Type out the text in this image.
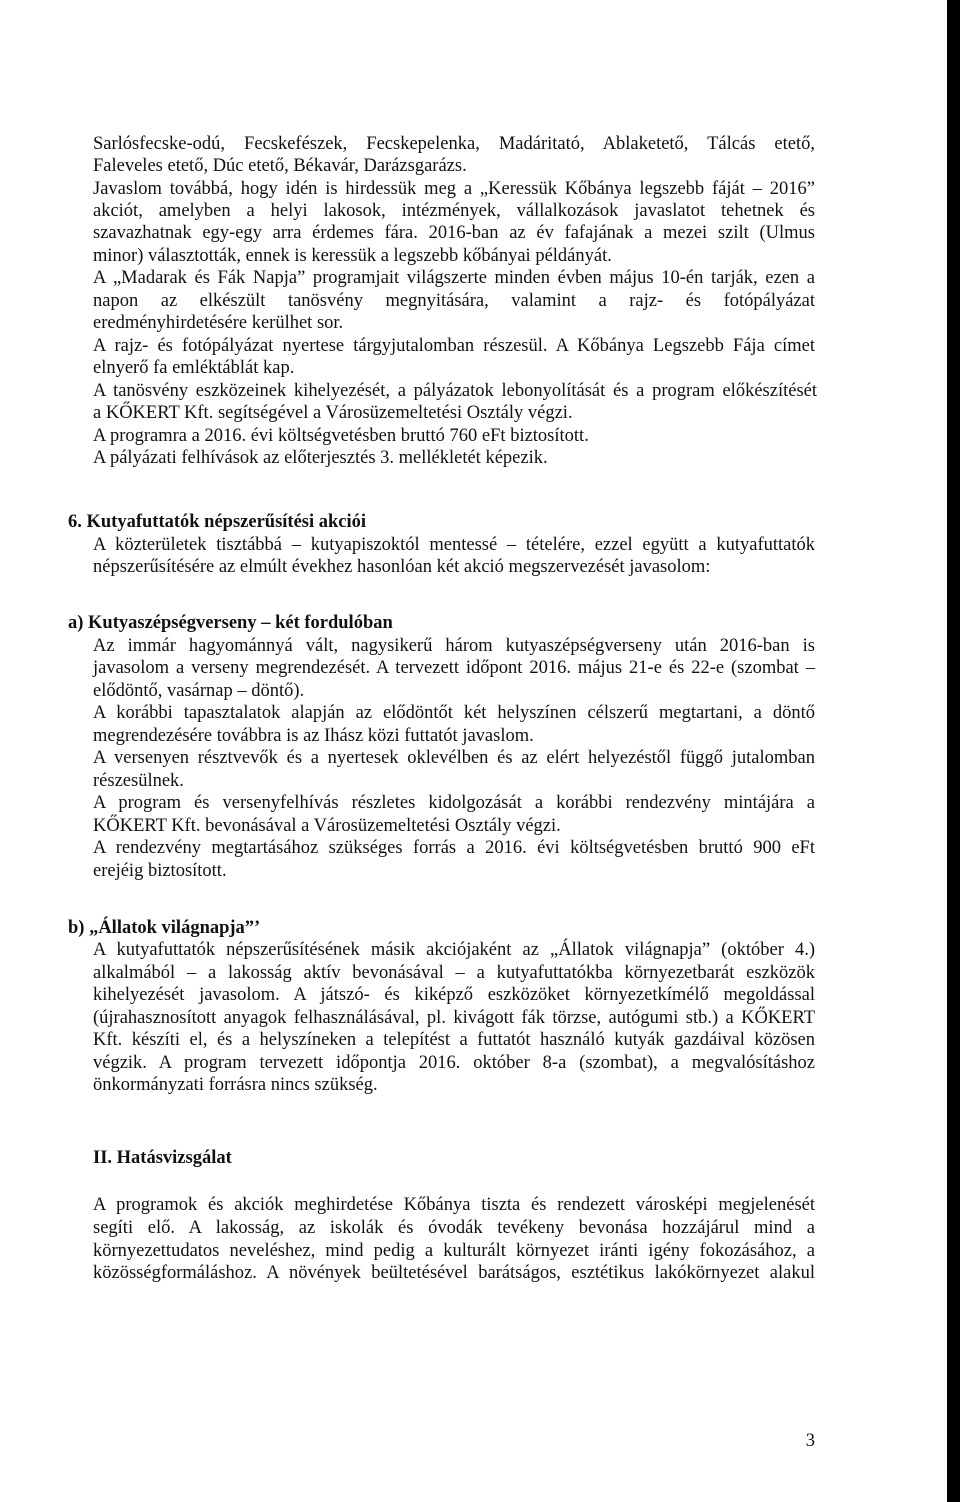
Sarlósfecske-odú, Fecskefészek, Fecskepelenka, Madáritató, Ablaketető, Tálcás etető,

Faleveles etető, Dúc etető, Békavár, Darázsgarázs.

Javaslom továbbá, hogy idén is hirdessük meg a „Keressük Kőbánya legszebb fáját – 2016”

akciót, amelyben a helyi lakosok, intézmények, vállalkozások javaslatot tehetnek és

szavazhatnak egy-egy arra érdemes fára. 2016-ban az év fafajának a mezei szilt (Ulmus

minor) választották, ennek is keressük a legszebb kőbányai példányát.

A „Madarak és Fák Napja” programjait világszerte minden évben május 10-én tarják, ezen a

napon az elkészült tanösvény megnyitására, valamint a rajz- és fotópályázat

eredményhirdetésére kerülhet sor.

A rajz- és fotópályázat nyertese tárgyjutalomban részesül. A Kőbánya Legszebb Fája címet

elnyerő fa emléktáblát kap.

A tanösvény eszközeinek kihelyezését, a pályázatok lebonyolítását és a program előkészítését

a KŐKERT Kft. segítségével a Városüzemeltetési Osztály végzi.

A programra a 2016. évi költségvetésben bruttó 760 eFt biztosított.

A pályázati felhívások az előterjesztés 3. mellékletét képezik.

6. Kutyafuttatók népszerűsítési akciói

A közterületek tisztábbá – kutyapiszoktól mentessé – tételére, ezzel együtt a kutyafuttatók

népszerűsítésére az elmúlt évekhez hasonlóan két akció megszervezését javasolom:

a) Kutyaszépségverseny – két fordulóban

Az immár hagyománnyá vált, nagysikerű három kutyaszépségverseny után 2016-ban is

javasolom a verseny megrendezését. A tervezett időpont 2016. május 21-e és 22-e (szombat –

elődöntő, vasárnap – döntő).

A korábbi tapasztalatok alapján az elődöntőt két helyszínen célszerű megtartani, a döntő

megrendezésére továbbra is az Ihász közi futtatót javaslom.

A versenyen résztvevők és a nyertesek oklevélben és az elért helyezéstől függő jutalomban

részesülnek.

A program és versenyfelhívás részletes kidolgozását a korábbi rendezvény mintájára a

KŐKERT Kft. bevonásával a Városüzemeltetési Osztály végzi.

A rendezvény megtartásához szükséges forrás a 2016. évi költségvetésben bruttó 900 eFt

erejéig biztosított.

b) „Állatok világnapja”’

A kutyafuttatók népszerűsítésének másik akciójaként az „Állatok világnapja” (október 4.)

alkalmából – a lakosság aktív bevonásával – a kutyafuttatókba környezetbarát eszközök

kihelyezését javasolom. A játszó- és kiképző eszközöket környezetkímélő megoldással

(újrahasznosított anyagok felhasználásával, pl. kivágott fák törzse, autógumi stb.) a KŐKERT

Kft. készíti el, és a helyszíneken a telepítést a futtatót használó kutyák gazdáival közösen

végzik. A program tervezett időpontja 2016. október 8-a (szombat), a megvalósításhoz

önkormányzati forrásra nincs szükség.

II. Hatásvizsgálat

A programok és akciók meghirdetése Kőbánya tiszta és rendezett városképi megjelenését

segíti elő. A lakosság, az iskolák és óvodák tevékeny bevonása hozzájárul mind a

környezettudatos neveléshez, mind pedig a kulturált környezet iránti igény fokozásához, a

közösségformáláshoz. A növények beültetésével barátságos, esztétikus lakókörnyezet alakul

3
